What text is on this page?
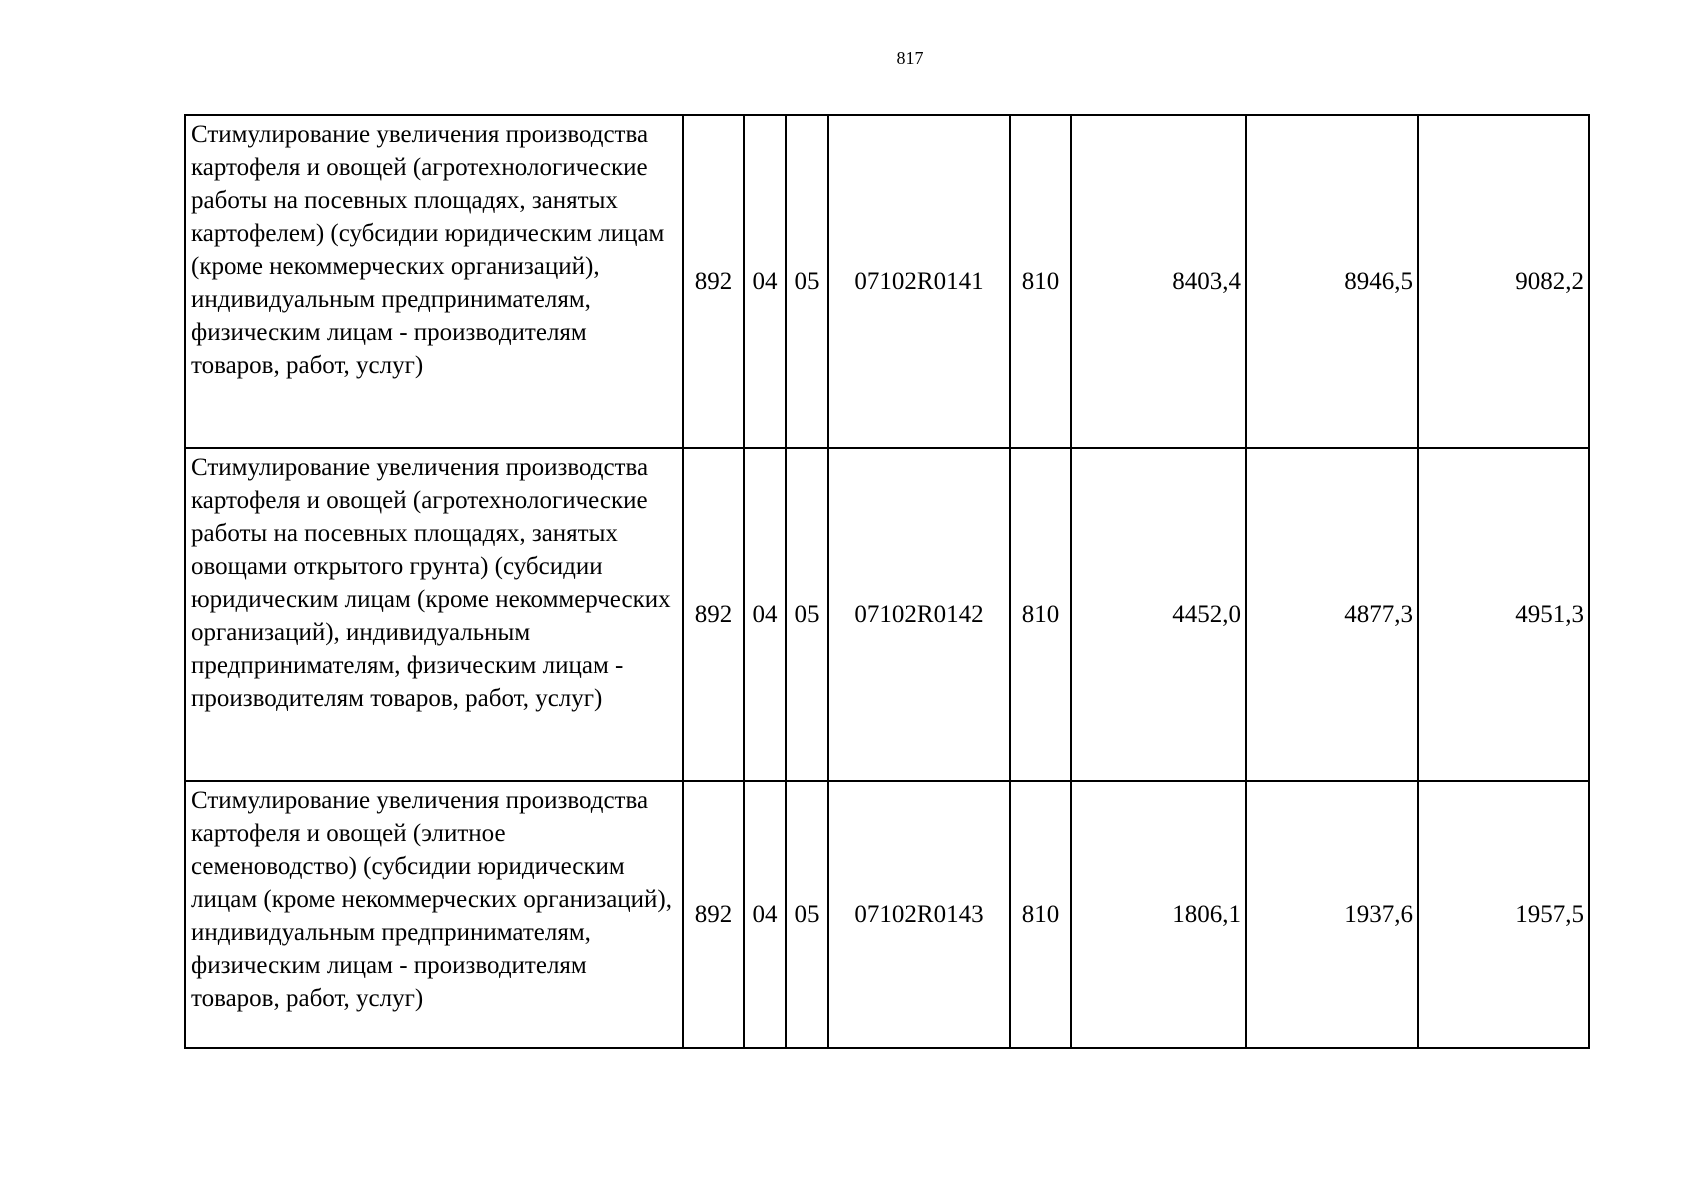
817
Стимулирование увеличения производства картофеля и овощей (агротехнологические работы на посевных площадях, занятых картофелем) (субсидии юридическим лицам (кроме некоммерческих организаций), индивидуальным предпринимателям, физическим лицам - производителям товаров, работ, услуг)	892	04	05	07102R0141	810	8403,4	8946,5	9082,2
Стимулирование увеличения производства картофеля и овощей (агротехнологические работы на посевных площадях, занятых овощами открытого грунта) (субсидии юридическим лицам (кроме некоммерческих организаций), индивидуальным предпринимателям, физическим лицам - производителям товаров, работ, услуг)	892	04	05	07102R0142	810	4452,0	4877,3	4951,3
Стимулирование увеличения производства картофеля и овощей (элитное семеноводство) (субсидии юридическим лицам (кроме некоммерческих организаций), индивидуальным предпринимателям, физическим лицам - производителям товаров, работ, услуг)	892	04	05	07102R0143	810	1806,1	1937,6	1957,5
